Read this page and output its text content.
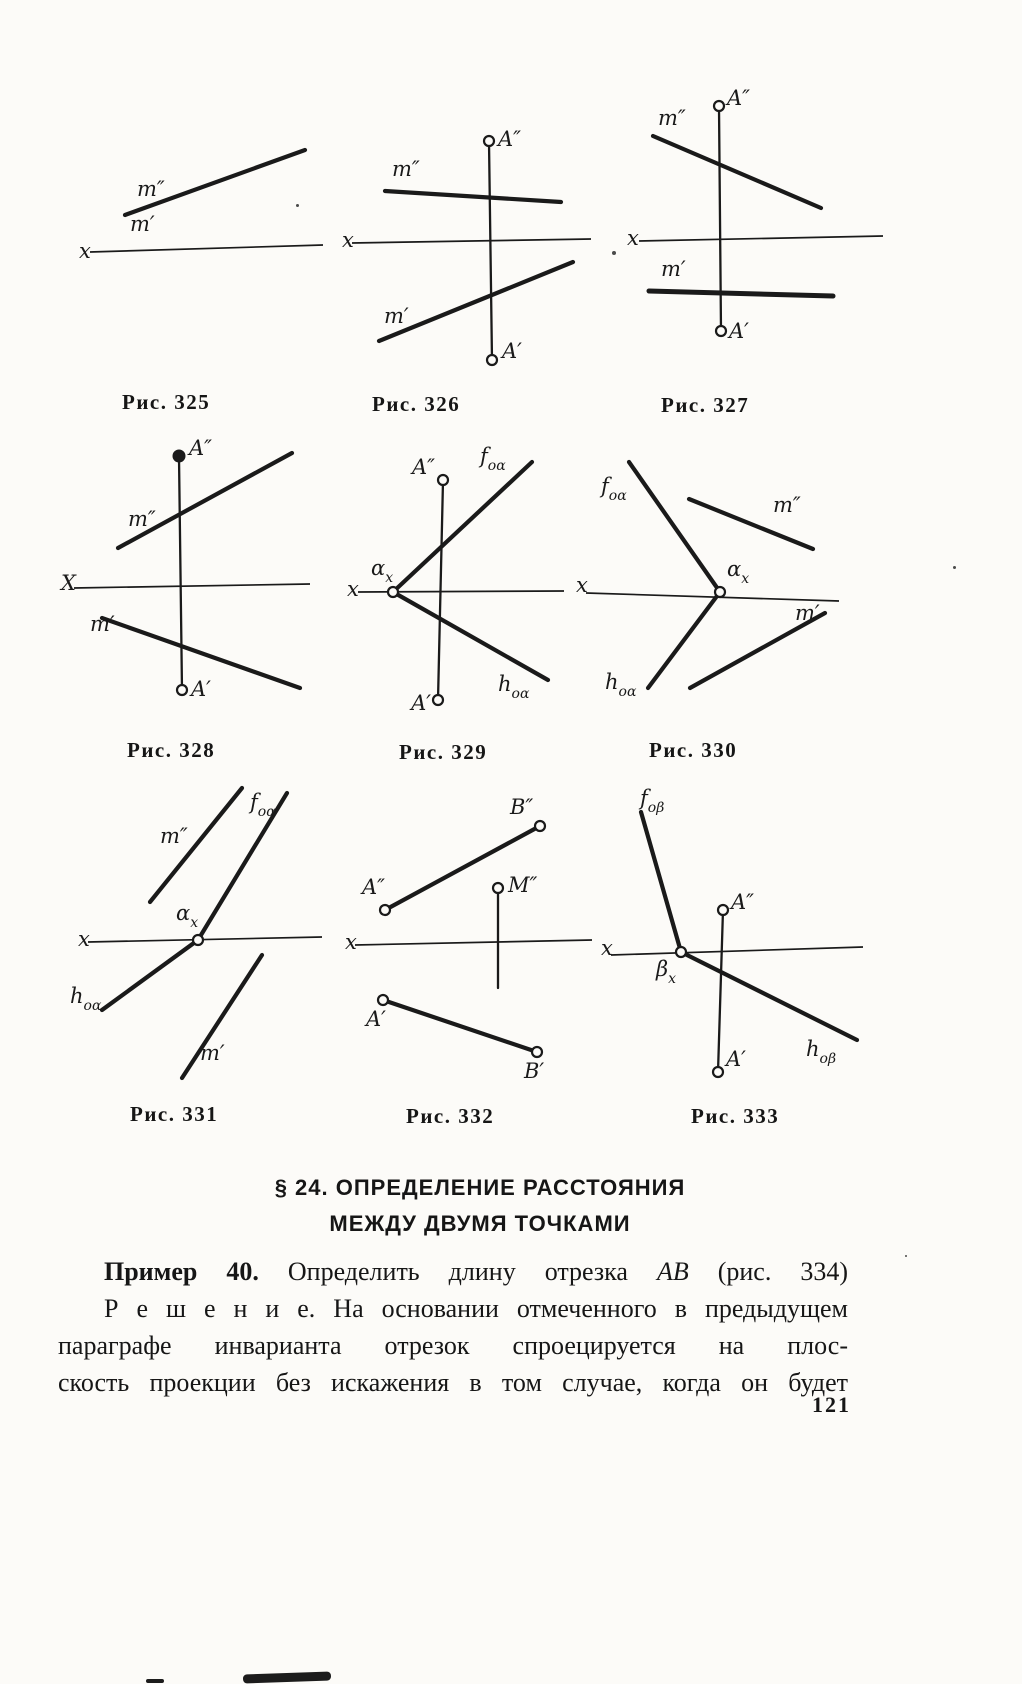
m″
m′
x
Рис. 325
A″
m″
x
m′
A′
Рис. 326
A″
m″
x
m′
A′
Рис. 327
A″
m″
X
m′
A′
Рис. 328
A″ $f_{o\alpha}$
$\alpha_x$
x
$h_{o\alpha}$
A′
Рис. 329
$f_{o\alpha}$	m″
x
$\alpha_x$
$h_{o\alpha}$
m′
Рис. 330
m″
$f_{o\alpha}$
$\alpha_x$
x
$h_{o\alpha}$
m′
Рис. 331
B″
A″	M″
x
A′
B′
Рис. 332
$f_{o\beta}$
$\beta_x$
x
A″
A′	$h_{o\beta}$
Рис. 333
§ 24. ОПРЕДЕЛЕНИЕ РАССТОЯНИЯ
МЕЖДУ ДВУМЯ ТОЧКАМИ
Пример 40. Определить длину отрезка AB (рис. 334)
Р е ш е н и е. На основании отмеченного в предыдущем
параграфе инварианта отрезок спроецируется на плос-
скость проекции без искажения в том случае, когда он будет
121
